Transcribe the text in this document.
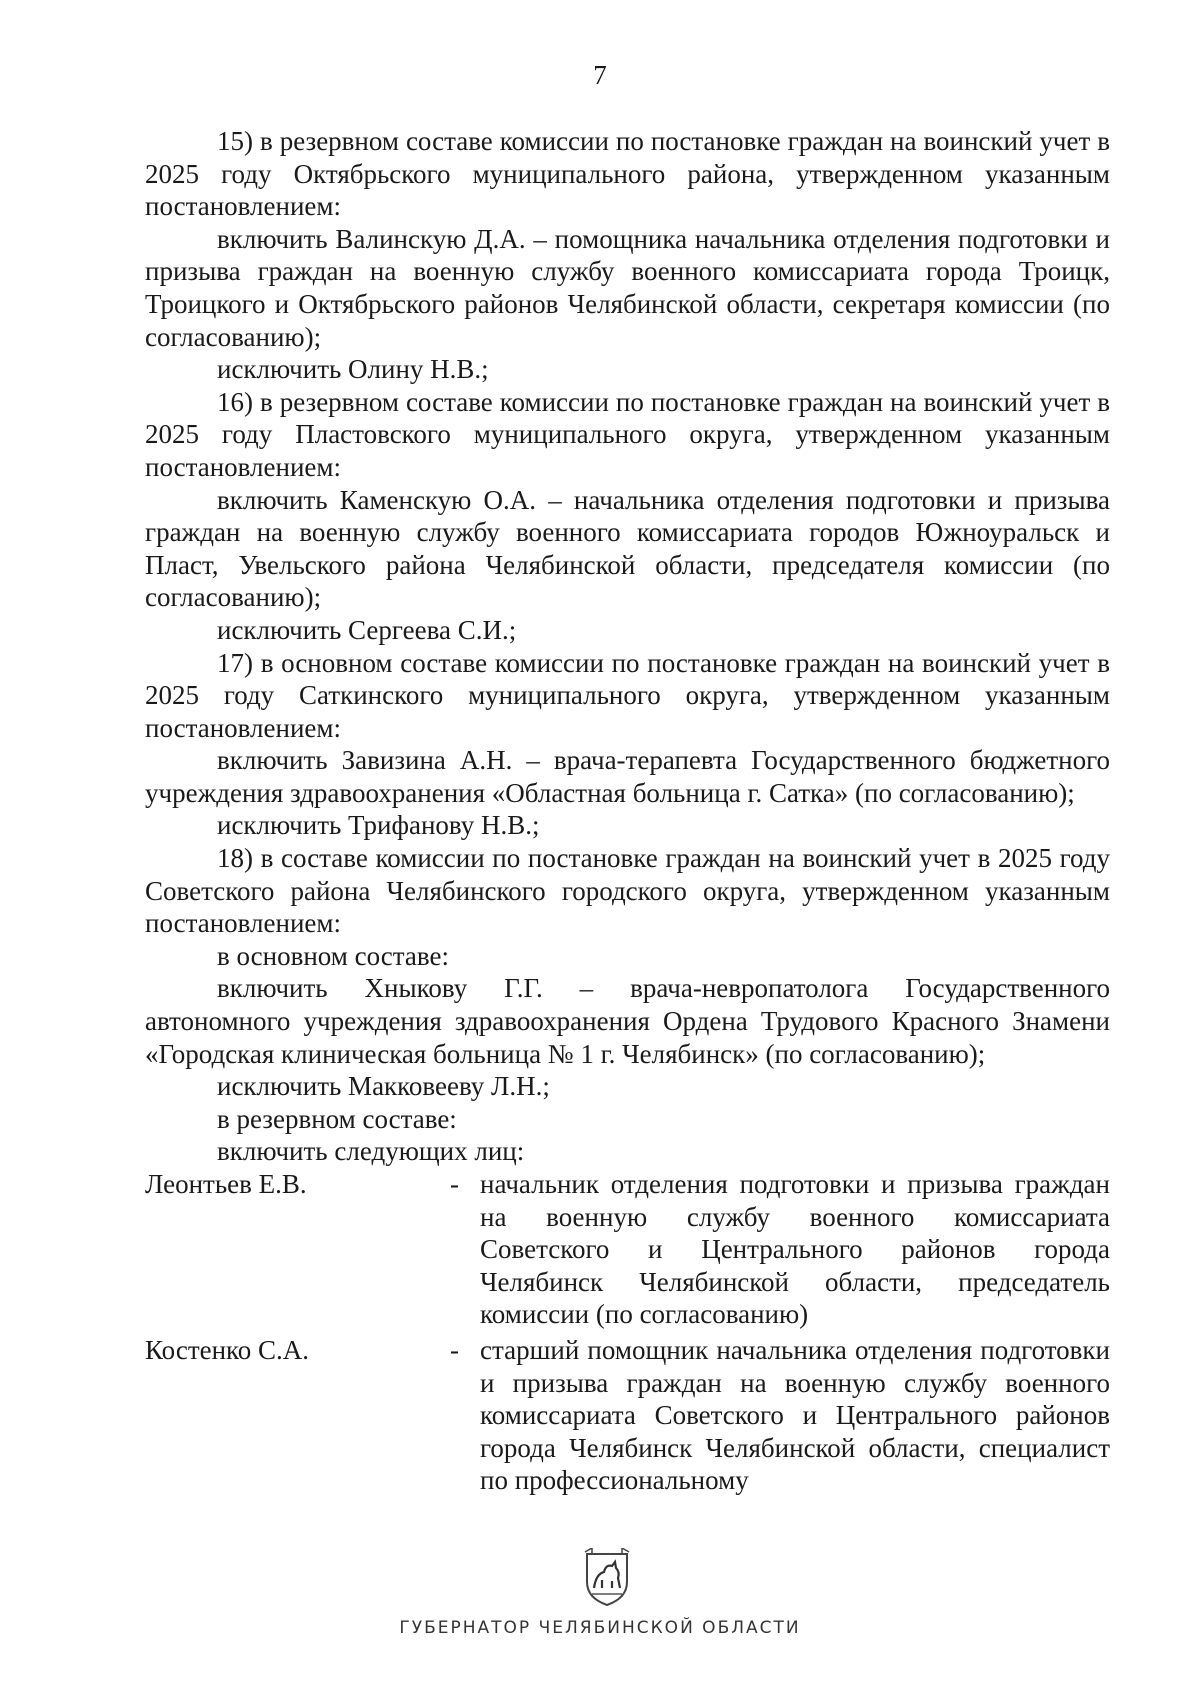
7

15) в резервном составе комиссии по постановке граждан на воинский учет в 2025 году Октябрьского муниципального района, утвержденном указанным постановлением:

включить Валинскую Д.А. – помощника начальника отделения подготовки и призыва граждан на военную службу военного комиссариата города Троицк, Троицкого и Октябрьского районов Челябинской области, секретаря комиссии (по согласованию);

исключить Олину Н.В.;

16) в резервном составе комиссии по постановке граждан на воинский учет в 2025 году Пластовского муниципального округа, утвержденном указанным постановлением:

включить Каменскую О.А. – начальника отделения подготовки и призыва граждан на военную службу военного комиссариата городов Южноуральск и Пласт, Увельского района Челябинской области, председателя комиссии (по согласованию);

исключить Сергеева С.И.;

17) в основном составе комиссии по постановке граждан на воинский учет в 2025 году Саткинского муниципального округа, утвержденном указанным постановлением:

включить Завизина А.Н. – врача-терапевта Государственного бюджетного учреждения здравоохранения «Областная больница г. Сатка» (по согласованию);

исключить Трифанову Н.В.;

18) в составе комиссии по постановке граждан на воинский учет в 2025 году Советского района Челябинского городского округа, утвержденном указанным постановлением:

в основном составе:

включить Хныкову Г.Г. – врача-невропатолога Государственного автономного учреждения здравоохранения Ордена Трудового Красного Знамени «Городская клиническая больница № 1 г. Челябинск» (по согласованию);

исключить Макковееву Л.Н.;

в резервном составе:

включить следующих лиц:

Леонтьев Е.В.	- начальник отделения подготовки и призыва граждан на военную службу военного комиссариата Советского и Центрального районов города Челябинск Челябинской области, председатель комиссии (по согласованию)
Костенко С.А.	- старший помощник начальника отделения подготовки и призыва граждан на военную службу военного комиссариата Советского и Центрального районов города Челябинск Челябинской области, специалист по профессиональному
ГУБЕРНАТОР ЧЕЛЯБИНСКОЙ ОБЛАСТИ
